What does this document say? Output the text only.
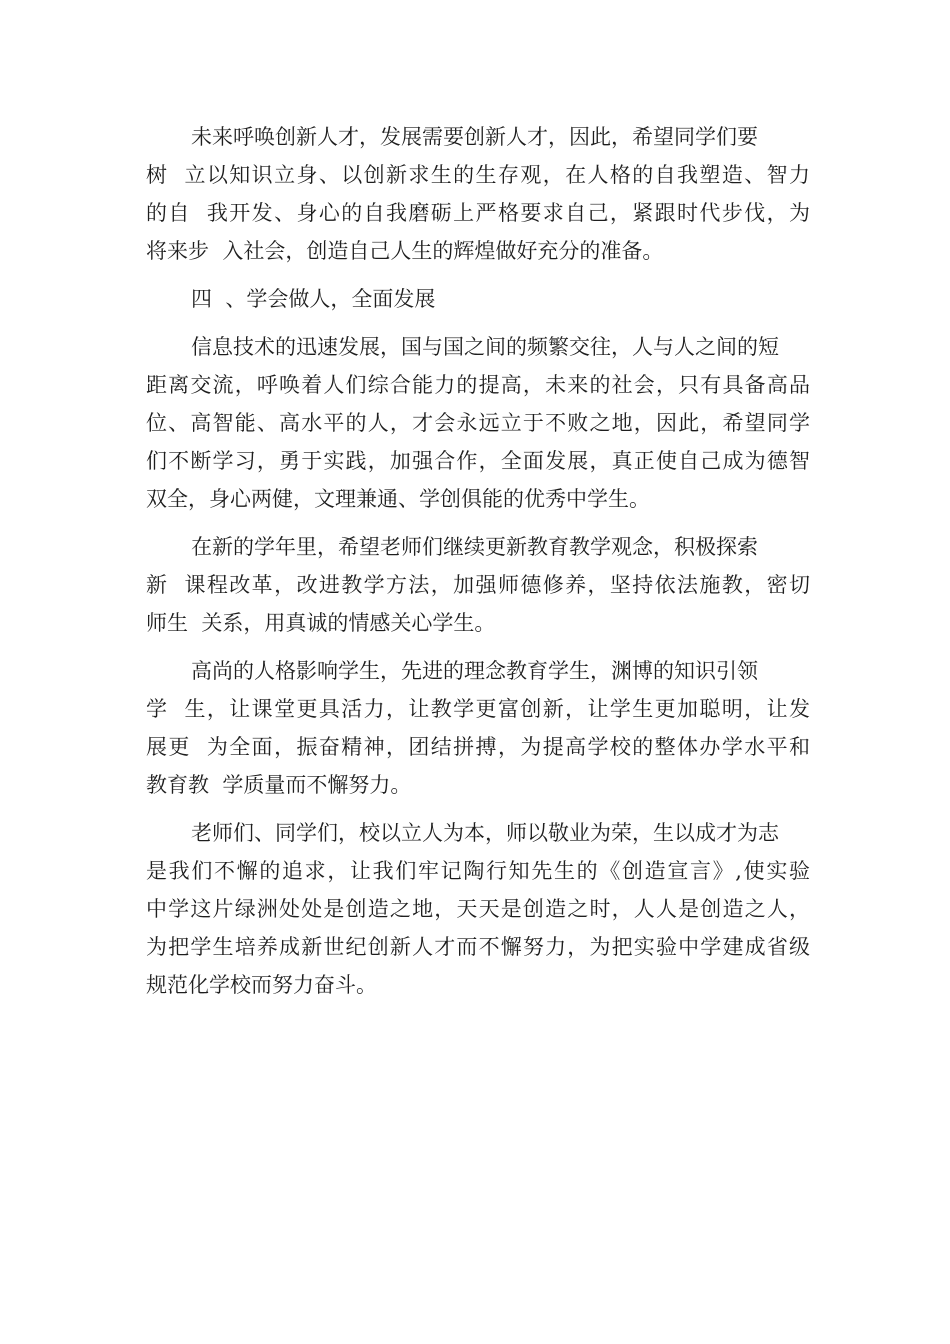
未来呼唤创新人才，发展需要创新人才，因此，希望同学们要
树  立以知识立身、以创新求生的生存观，在人格的自我塑造、智力
的自  我开发、身心的自我磨砺上严格要求自己，紧跟时代步伐，为
将来步  入社会，创造自己人生的辉煌做好充分的准备。
四  、学会做人，全面发展
信息技术的迅速发展，国与国之间的频繁交往，人与人之间的短
距离交流，呼唤着人们综合能力的提高，未来的社会，只有具备高品
位、高智能、高水平的人，才会永远立于不败之地，因此，希望同学
们不断学习，勇于实践，加强合作，全面发展，真正使自己成为德智
双全，身心两健，文理兼通、学创俱能的优秀中学生。
在新的学年里，希望老师们继续更新教育教学观念，积极探索
新  课程改革，改进教学方法，加强师德修养，坚持依法施教，密切
师生  关系，用真诚的情感关心学生。
高尚的人格影响学生，先进的理念教育学生，渊博的知识引领
学  生，让课堂更具活力，让教学更富创新，让学生更加聪明，让发
展更  为全面，振奋精神，团结拼搏，为提高学校的整体办学水平和
教育教  学质量而不懈努力。
老师们、同学们，校以立人为本，师以敬业为荣，生以成才为志
是我们不懈的追求，让我们牢记陶行知先生的《创造宣言》,使实验
中学这片绿洲处处是创造之地，天天是创造之时，人人是创造之人，
为把学生培养成新世纪创新人才而不懈努力，为把实验中学建成省级
规范化学校而努力奋斗。
